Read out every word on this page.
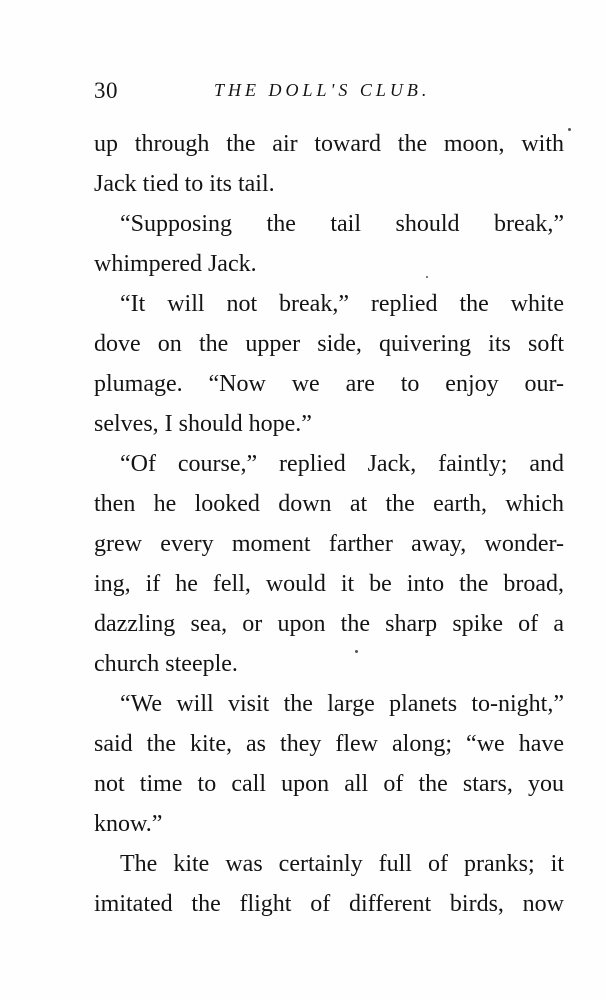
30	THE DOLL'S CLUB.
up through the air toward the moon, with
Jack tied to its tail.
“Supposing the tail should break,”
whimpered Jack.
“It will not break,” replied the white
dove on the upper side, quivering its soft
plumage. “Now we are to enjoy our-
selves, I should hope.”
“Of course,” replied Jack, faintly; and
then he looked down at the earth, which
grew every moment farther away, wonder-
ing, if he fell, would it be into the broad,
dazzling sea, or upon the sharp spike of a
church steeple.
“We will visit the large planets to-night,”
said the kite, as they flew along; “we have
not time to call upon all of the stars, you
know.”
The kite was certainly full of pranks; it
imitated the flight of different birds, now
